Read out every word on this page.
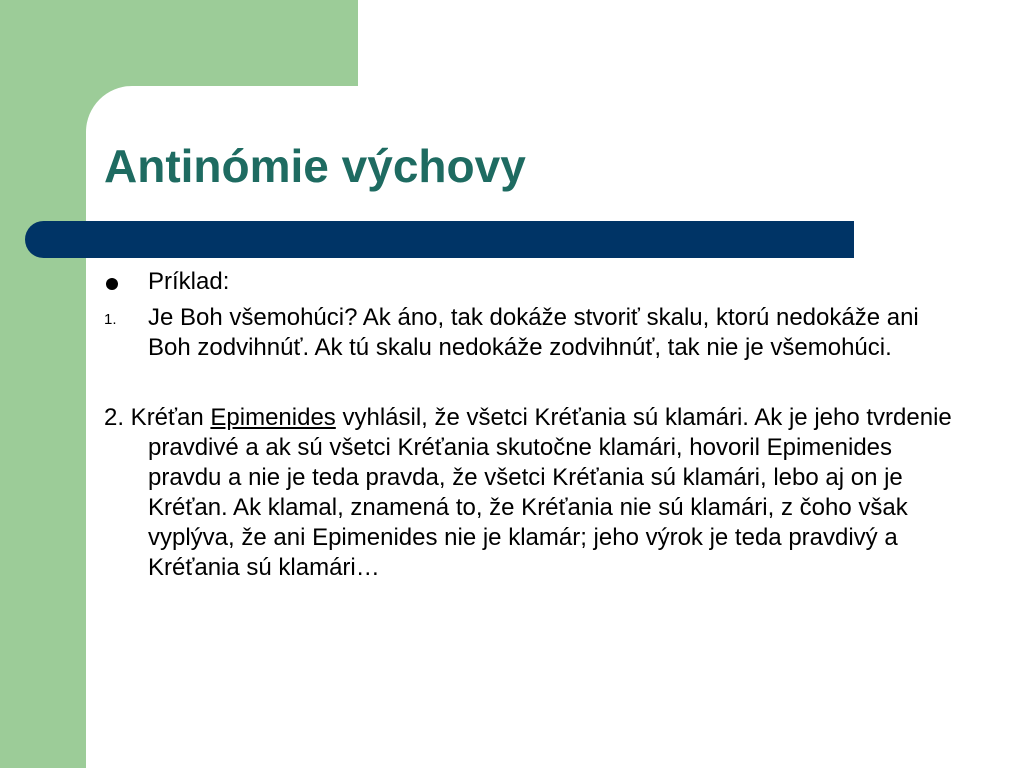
Antinómie výchovy
Príklad:
1. Je Boh všemohúci? Ak áno, tak dokáže stvoriť skalu, ktorú nedokáže ani Boh zodvihnúť. Ak tú skalu nedokáže zodvihnúť, tak nie je všemohúci.
2. Kréťan Epimenides vyhlásil, že všetci Kréťania sú klamári. Ak je jeho tvrdenie pravdivé a ak sú všetci Kréťania skutočne klamári, hovoril Epimenides pravdu a nie je teda pravda, že všetci Kréťania sú klamári, lebo aj on je Kréťan. Ak klamal, znamená to, že Kréťania nie sú klamári, z čoho však vyplýva, že ani Epimenides nie je klamár; jeho výrok je teda pravdivý a Kréťania sú klamári…
